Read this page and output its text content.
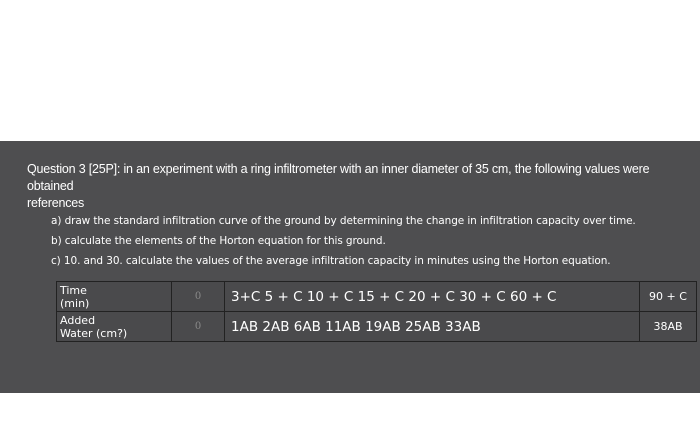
Question 3 [25P]: in an experiment with a ring infiltrometer with an inner diameter of 35 cm, the following values were obtained
references
a) draw the standard infiltration curve of the ground by determining the change in infiltration capacity over time.
b) calculate the elements of the Horton equation for this ground.
c) 10. and 30. calculate the values of the average infiltration capacity in minutes using the Horton equation.
Time
(min)	0	3+C 5 + C 10 + C 15 + C 20 + C 30 + C 60 + C	90 + C

Added
Water (cm?)	0	1AB 2AB 6AB 11AB 19AB 25AB 33AB	38AB
